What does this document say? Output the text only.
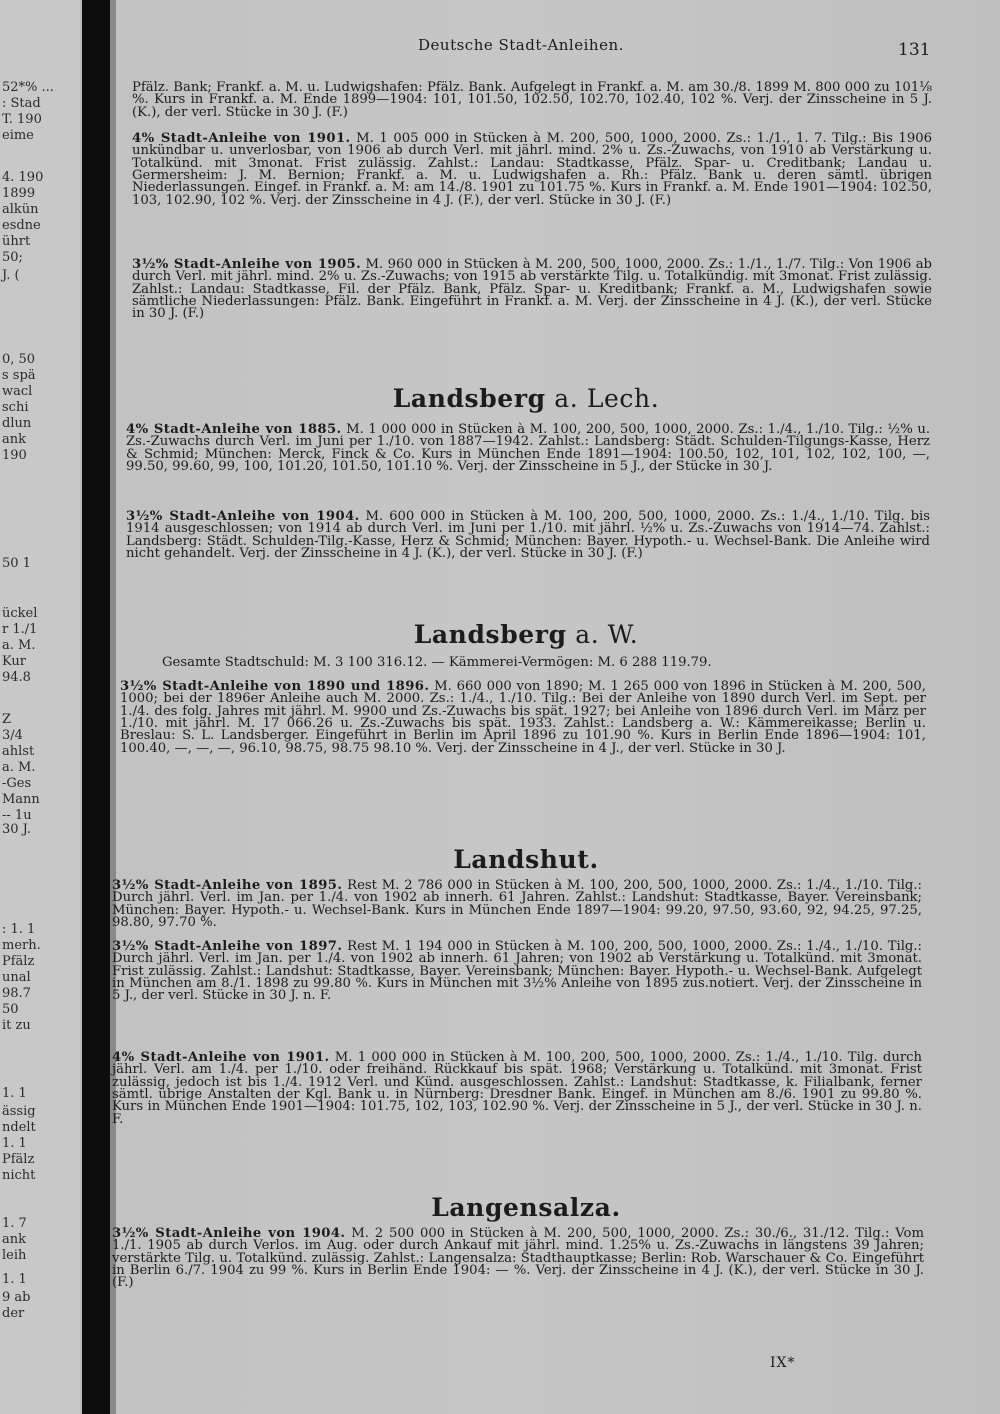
52*% ...
: Stad
T. 190
eime
4. 190
1899
alkün
esdne
ührt
50;
J. (
0, 50
s spä
wacl
schi
dlun
ank
190
50 1
ückel
r 1./1
a. M.
Kur
94.8
Z
3/4
ahlst
a. M.
-Ges
Mann
-- 1u
30 J.
: 1. 1
merh.
Pfälz
unal
98.7
50
it zu
1. 1
ässig
ndelt
1. 1
Pfälz
nicht
1. 7
ank
leih
1. 1
9 ab
der
Deutsche Stadt-Anleihen.	131
Pfälz. Bank; Frankf. a. M. u. Ludwigshafen: Pfälz. Bank. Aufgelegt in Frankf. a. M. am 30./8. 1899 M. 800 000 zu 101⅛ %. Kurs in Frankf. a. M. Ende 1899—1904: 101, 101.50, 102.50, 102.70, 102.40, 102 %. Verj. der Zinsscheine in 5 J. (K.), der verl. Stücke in 30 J. (F.)
4% Stadt-Anleihe von 1901. M. 1 005 000 in Stücken à M. 200, 500, 1000, 2000. Zs.: 1./1., 1. 7. Tilg.: Bis 1906 unkündbar u. unverlosbar, von 1906 ab durch Verl. mit jährl. mind. 2% u. Zs.-Zuwachs, von 1910 ab Verstärkung u. Totalkünd. mit 3monat. Frist zulässig. Zahlst.: Landau: Stadtkasse, Pfälz. Spar- u. Creditbank; Landau u. Germersheim: J. M. Bernion; Frankf. a. M. u. Ludwigshafen a. Rh.: Pfälz. Bank u. deren sämtl. übrigen Niederlassungen. Eingef. in Frankf. a. M: am 14./8. 1901 zu 101.75 %. Kurs in Frankf. a. M. Ende 1901—1904: 102.50, 103, 102.90, 102 %. Verj. der Zinsscheine in 4 J. (F.), der verl. Stücke in 30 J. (F.)
3½% Stadt-Anleihe von 1905. M. 960 000 in Stücken à M. 200, 500, 1000, 2000. Zs.: 1./1., 1./7. Tilg.: Von 1906 ab durch Verl. mit jährl. mind. 2% u. Zs.-Zuwachs; von 1915 ab verstärkte Tilg. u. Totalkündig. mit 3monat. Frist zulässig. Zahlst.: Landau: Stadtkasse, Fil. der Pfälz. Bank, Pfälz. Spar- u. Kreditbank; Frankf. a. M., Ludwigshafen sowie sämtliche Niederlassungen: Pfälz. Bank. Eingeführt in Frankf. a. M. Verj. der Zinsscheine in 4 J. (K.), der verl. Stücke in 30 J. (F.)
Landsberg a. Lech.
4% Stadt-Anleihe von 1885. M. 1 000 000 in Stücken à M. 100, 200, 500, 1000, 2000. Zs.: 1./4., 1./10. Tilg.: ½% u. Zs.-Zuwachs durch Verl. im Juni per 1./10. von 1887—1942. Zahlst.: Landsberg: Städt. Schulden-Tilgungs-Kasse, Herz & Schmid; München: Merck, Finck & Co. Kurs in München Ende 1891—1904: 100.50, 102, 101, 102, 102, 100, —, 99.50, 99.60, 99, 100, 101.20, 101.50, 101.10 %. Verj. der Zinsscheine in 5 J., der Stücke in 30 J.
3½% Stadt-Anleihe von 1904. M. 600 000 in Stücken à M. 100, 200, 500, 1000, 2000. Zs.: 1./4., 1./10. Tilg. bis 1914 ausgeschlossen; von 1914 ab durch Verl. im Juni per 1./10. mit jährl. ½% u. Zs.-Zuwachs von 1914—74. Zahlst.: Landsberg: Städt. Schulden-Tilg.-Kasse, Herz & Schmid; München: Bayer. Hypoth.- u. Wechsel-Bank. Die Anleihe wird nicht gehandelt. Verj. der Zinsscheine in 4 J. (K.), der verl. Stücke in 30 J. (F.)
Landsberg a. W.
Gesamte Stadtschuld: M. 3 100 316.12. — Kämmerei-Vermögen: M. 6 288 119.79.
3½% Stadt-Anleihe von 1890 und 1896. M. 660 000 von 1890; M. 1 265 000 von 1896 in Stücken à M. 200, 500, 1000; bei der 1896er Anleihe auch M. 2000. Zs.: 1./4., 1./10. Tilg.: Bei der Anleihe von 1890 durch Verl. im Sept. per 1./4. des folg. Jahres mit jährl. M. 9900 und Zs.-Zuwachs bis spät. 1927; bei Anleihe von 1896 durch Verl. im März per 1./10. mit jährl. M. 17 066.26 u. Zs.-Zuwachs bis spät. 1933. Zahlst.: Landsberg a. W.: Kämmereikasse; Berlin u. Breslau: S. L. Landsberger. Eingeführt in Berlin im April 1896 zu 101.90 %. Kurs in Berlin Ende 1896—1904: 101, 100.40, —, —, —, 96.10, 98.75, 98.75 98.10 %. Verj. der Zinsscheine in 4 J., der verl. Stücke in 30 J.
Landshut.
3½% Stadt-Anleihe von 1895. Rest M. 2 786 000 in Stücken à M. 100, 200, 500, 1000, 2000. Zs.: 1./4., 1./10. Tilg.: Durch jährl. Verl. im Jan. per 1./4. von 1902 ab innerh. 61 Jahren. Zahlst.: Landshut: Stadtkasse, Bayer. Vereinsbank; München: Bayer. Hypoth.- u. Wechsel-Bank. Kurs in München Ende 1897—1904: 99.20, 97.50, 93.60, 92, 94.25, 97.25, 98.80, 97.70 %.
3½% Stadt-Anleihe von 1897. Rest M. 1 194 000 in Stücken à M. 100, 200, 500, 1000, 2000. Zs.: 1./4., 1./10. Tilg.: Durch jährl. Verl. im Jan. per 1./4. von 1902 ab innerh. 61 Jahren; von 1902 ab Verstärkung u. Totalkünd. mit 3monat. Frist zulässig. Zahlst.: Landshut: Stadtkasse, Bayer. Vereinsbank; München: Bayer. Hypoth.- u. Wechsel-Bank. Aufgelegt in München am 8./1. 1898 zu 99.80 %. Kurs in München mit 3½% Anleihe von 1895 zus.notiert. Verj. der Zinsscheine in 5 J., der verl. Stücke in 30 J. n. F.
4% Stadt-Anleihe von 1901. M. 1 000 000 in Stücken à M. 100, 200, 500, 1000, 2000. Zs.: 1./4., 1./10. Tilg. durch jährl. Verl. am 1./4. per 1./10. oder freihänd. Rückkauf bis spät. 1968; Verstärkung u. Totalkünd. mit 3monat. Frist zulässig, jedoch ist bis 1./4. 1912 Verl. und Künd. ausgeschlossen. Zahlst.: Landshut: Stadtkasse, k. Filialbank, ferner sämtl. übrige Anstalten der Kgl. Bank u. in Nürnberg: Dresdner Bank. Eingef. in München am 8./6. 1901 zu 99.80 %. Kurs in München Ende 1901—1904: 101.75, 102, 103, 102.90 %. Verj. der Zinsscheine in 5 J., der verl. Stücke in 30 J. n. F.
Langensalza.
3½% Stadt-Anleihe von 1904. M. 2 500 000 in Stücken à M. 200, 500, 1000, 2000. Zs.: 30./6., 31./12. Tilg.: Vom 1./1. 1905 ab durch Verlos. im Aug. oder durch Ankauf mit jährl. mind. 1.25% u. Zs.-Zuwachs in längstens 39 Jahren; verstärkte Tilg. u. Totalkünd. zulässig. Zahlst.: Langensalza: Stadthauptkasse; Berlin: Rob. Warschauer & Co. Eingeführt in Berlin 6./7. 1904 zu 99 %. Kurs in Berlin Ende 1904: — %. Verj. der Zinsscheine in 4 J. (K.), der verl. Stücke in 30 J. (F.)
IX*
